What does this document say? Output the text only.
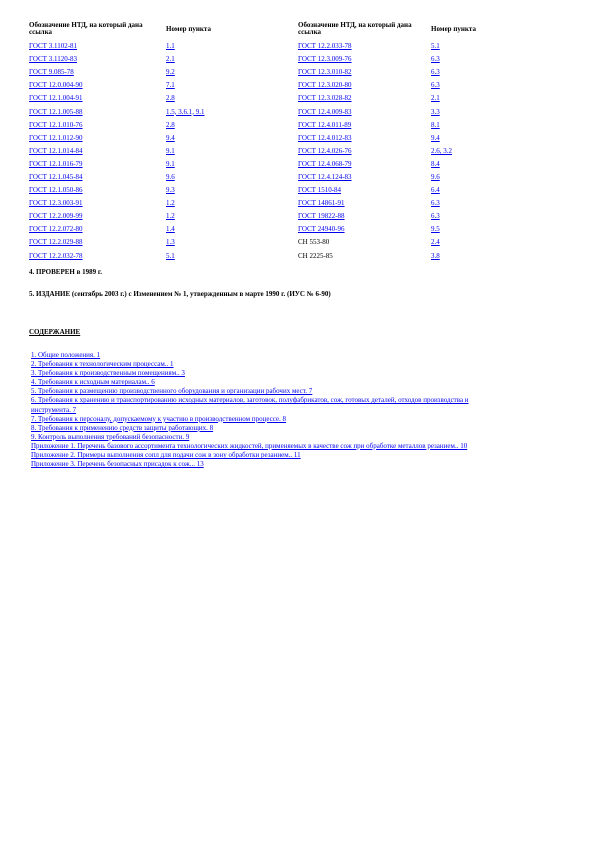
Обозначение НТД, на который дана ссылка	Номер пункта	Обозначение НТД, на который дана ссылка	Номер пункта
ГОСТ 3.1102-81	1.1	ГОСТ 12.2.033-78	5.1
ГОСТ 3.1120-83	2.1	ГОСТ 12.3.009-76	6.3
ГОСТ 9.085-78	9.2	ГОСТ 12.3.010-82	6.3
ГОСТ 12.0.004-90	7.1	ГОСТ 12.3.020-80	6.3
ГОСТ 12.1.004-91	2.8	ГОСТ 12.3.028-82	2.1
ГОСТ 12.1.005-88	1.5, 3.6.1, 9.1	ГОСТ 12.4.009-83	3.3
ГОСТ 12.1.010-76	2.8	ГОСТ 12.4.011-89	8.1
ГОСТ 12.1.012-90	9.4	ГОСТ 12.4.012-83	9.4
ГОСТ 12.1.014-84	9.1	ГОСТ 12.4.026-76	2.6, 3.2
ГОСТ 12.1.016-79	9.1	ГОСТ 12.4.068-79	8.4
ГОСТ 12.1.045-84	9.6	ГОСТ 12.4.124-83	9.6
ГОСТ 12.1.050-86	9.3	ГОСТ 1510-84	6.4
ГОСТ 12.3.003-91	1.2	ГОСТ 14861-91	6.3
ГОСТ 12.2.009-99	1.2	ГОСТ 19822-88	6.3
ГОСТ 12.2.072-80	1.4	ГОСТ 24940-96	9.5
ГОСТ 12.2.029-88	1.3	СН 553-80	2.4
ГОСТ 12.2.032-78	5.1	СН 2225-85	3.8
4. ПРОВЕРЕН в 1989 г.
5. ИЗДАНИЕ (сентябрь 2003 г.) с Изменением № 1, утвержденным в марте 1990 г. (ИУС № 6-90)
СОДЕРЖАНИЕ
1. Общие положения. 1
2. Требования к технологическим процессам.. 1
3. Требования к производственным помещениям.. 3
4. Требования к исходным материалам.. 6
5. Требования к размещению производственного оборудования и организации рабочих мест. 7
6. Требования к хранению и транспортированию исходных материалов, заготовок, полуфабрикатов, сож, готовых деталей, отходов производства и инструмента. 7
7. Требования к персоналу, допускаемому к участию в производственном процессе. 8
8. Требования к применению средств защиты работающих. 8
9. Контроль выполнения требований безопасности. 9
Приложение 1. Перечень базового ассортимента технологических жидкостей, применяемых в качестве сож при обработке металлов резанием.. 10
Приложение 2. Примеры выполнения сопл для подачи сож в зону обработки резанием.. 11
Приложение 3. Перечень безопасных присадок к сож... 13
